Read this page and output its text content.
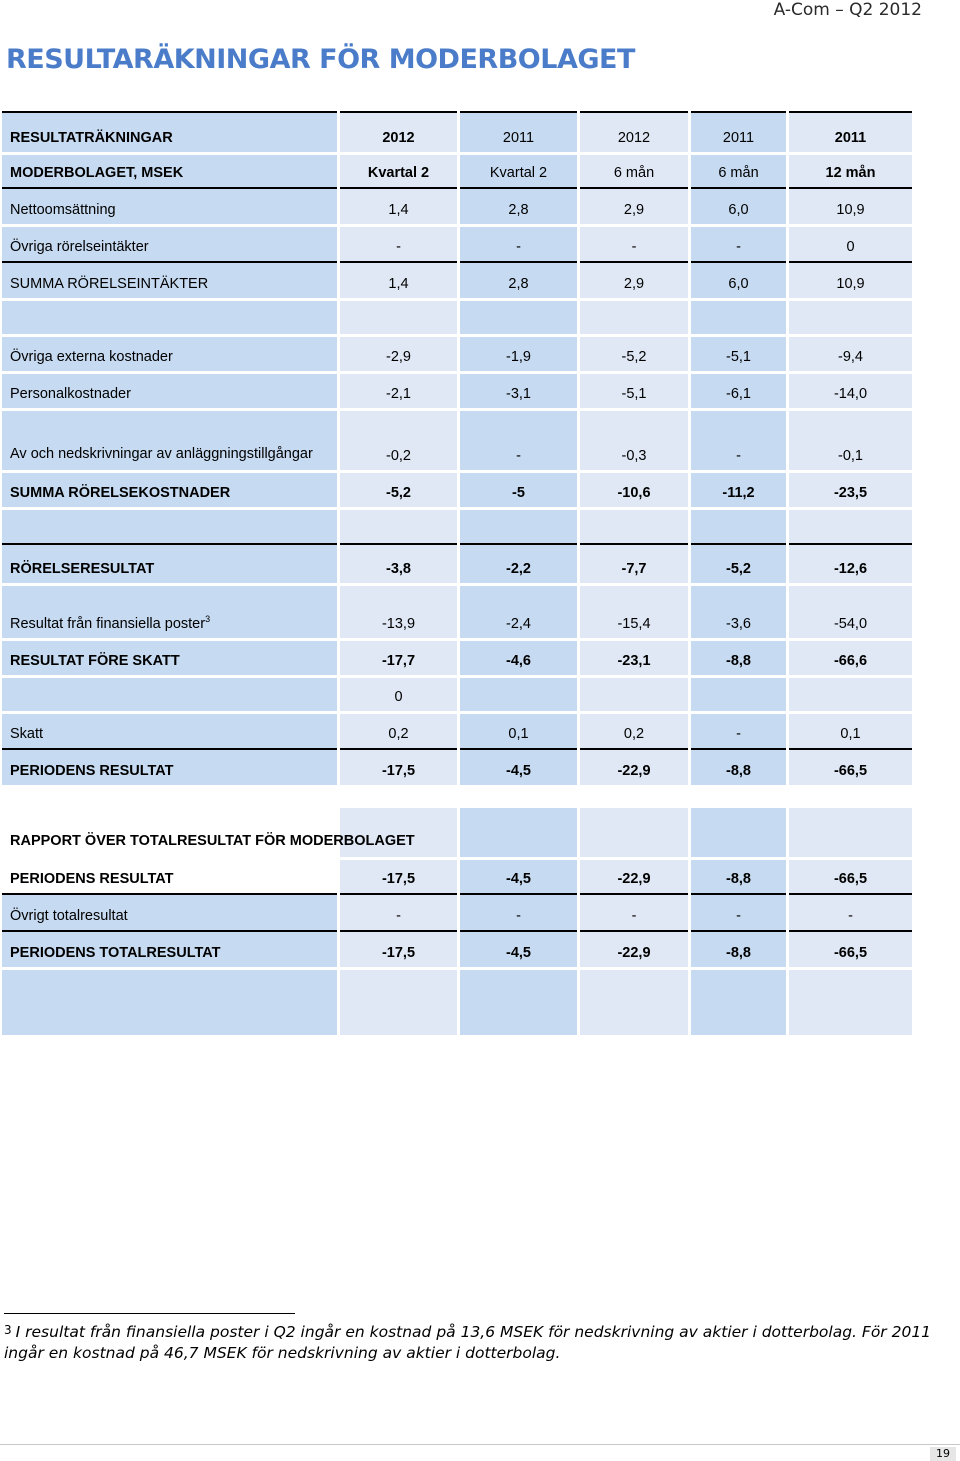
A-Com – Q2 2012
RESULTARÄKNINGAR FÖR MODERBOLAGET
RESULTATRÄKNINGAR	2012	2011	2012	2011	2011
MODERBOLAGET, MSEK	Kvartal 2	Kvartal 2	6 mån	6 mån	12 mån
Nettoomsättning	1,4	2,8	2,9	6,0	10,9
Övriga rörelseintäkter	-	-	-	-	0
SUMMA RÖRELSEINTÄKTER	1,4	2,8	2,9	6,0	10,9

Övriga externa kostnader	-2,9	-1,9	-5,2	-5,1	-9,4
Personalkostnader	-2,1	-3,1	-5,1	-6,1	-14,0
Av och nedskrivningar av anläggningstillgångar	-0,2	-	-0,3	-	-0,1
SUMMA RÖRELSEKOSTNADER	-5,2	-5	-10,6	-11,2	-23,5

RÖRELSERESULTAT	-3,8	-2,2	-7,7	-5,2	-12,6
Resultat från finansiella poster$^3$	-13,9	-2,4	-15,4	-3,6	-54,0
RESULTAT FÖRE SKATT	-17,7	-4,6	-23,1	-8,8	-66,6
	0				
Skatt	0,2	0,1	0,2	-	0,1
PERIODENS RESULTAT	-17,5	-4,5	-22,9	-8,8	-66,5

RAPPORT ÖVER TOTALRESULTAT FÖR MODERBOLAGET					
PERIODENS RESULTAT	-17,5	-4,5	-22,9	-8,8	-66,5
Övrigt totalresultat	-	-	-	-	-
PERIODENS TOTALRESULTAT	-17,5	-4,5	-22,9	-8,8	-66,5

$^3$ I resultat från finansiella poster i Q2 ingår en kostnad på 13,6 MSEK för nedskrivning av aktier i dotterbolag. För 2011 ingår en kostnad på 46,7 MSEK för nedskrivning av aktier i dotterbolag.
19
